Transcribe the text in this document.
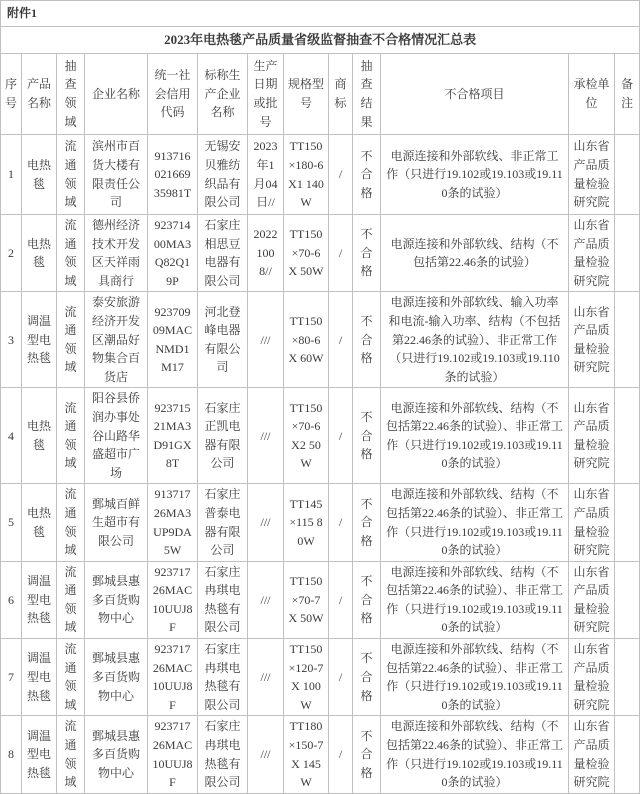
附件1												
2023年电热毯产品质量省级监督抽查不合格情况汇总表												
序号	产品名称	抽查领域	企业名称	统一社会信用代码	标称生产企业名称	生产日期或批号	规格型号	商标	抽查结果	不合格项目	承检单位	备注
1	电热毯	流通领域	滨州市百货大楼有限责任公司	91371602166935981T	无锡安贝雅纺织品有限公司	2023年1月04日//	TT150×180-6X1 140W	/	不合格	电源连接和外部软线、非正常工作（只进行19.102或19.103或19.110条的试验）	山东省产品质量检验研究院	
2	电热毯	流通领域	德州经济技术开发区天祥雨具商行	92371400MA3Q82Q19P	石家庄相思豆电器有限公司	20221008//	TT150×70-6X 50W	/	不合格	电源连接和外部软线、结构（不包括第22.46条的试验）	山东省产品质量检验研究院	
3	调温型电热毯	流通领域	泰安旅游经济开发区潮品好物集合百货店	92370909MACNMD1M17	河北登峰电器有限公司	///	TT150×80-6X 60W	/	不合格	电源连接和外部软线、输入功率和电流-输入功率、结构（不包括第22.46条的试验）、非正常工作（只进行19.102或19.103或19.110条的试验）	山东省产品质量检验研究院	
4	电热毯	流通领域	阳谷县侨润办事处谷山路华盛超市广场	92371521MA3D91GX8T	石家庄正凯电器有限公司	///	TT150×70-6X2 50W	/	不合格	电源连接和外部软线、结构（不包括第22.46条的试验）、非正常工作（只进行19.102或19.103或19.110条的试验）	山东省产品质量检验研究院	
5	电热毯	流通领域	鄄城百鲜生超市有限公司	91371726MA3UP9DA5W	石家庄普泰电器有限公司	///	TT145×115 80W	/	不合格	电源连接和外部软线、结构（不包括第22.46条的试验）、非正常工作（只进行19.102或19.103或19.110条的试验）	山东省产品质量检验研究院	
6	调温型电热毯	流通领域	鄄城县惠多百货购物中心	92371726MAC10UUJ8F	石家庄冉琪电热毯有限公司	///	TT150×70-7X 50W	/	不合格	电源连接和外部软线、结构（不包括第22.46条的试验）、非正常工作（只进行19.102或19.103或19.110条的试验）	山东省产品质量检验研究院	
7	调温型电热毯	流通领域	鄄城县惠多百货购物中心	92371726MAC10UUJ8F	石家庄冉琪电热毯有限公司	///	TT150×120-7X 100W	/	不合格	电源连接和外部软线、结构（不包括第22.46条的试验）、非正常工作（只进行19.102或19.103或19.110条的试验）	山东省产品质量检验研究院	
8	调温型电热毯	流通领域	鄄城县惠多百货购物中心	92371726MAC10UUJ8F	石家庄冉琪电热毯有限公司	///	TT180×150-7X 145W	/	不合格	电源连接和外部软线、结构（不包括第22.46条的试验）、非正常工作（只进行19.102或19.103或19.110条的试验）	山东省产品质量检验研究院	
